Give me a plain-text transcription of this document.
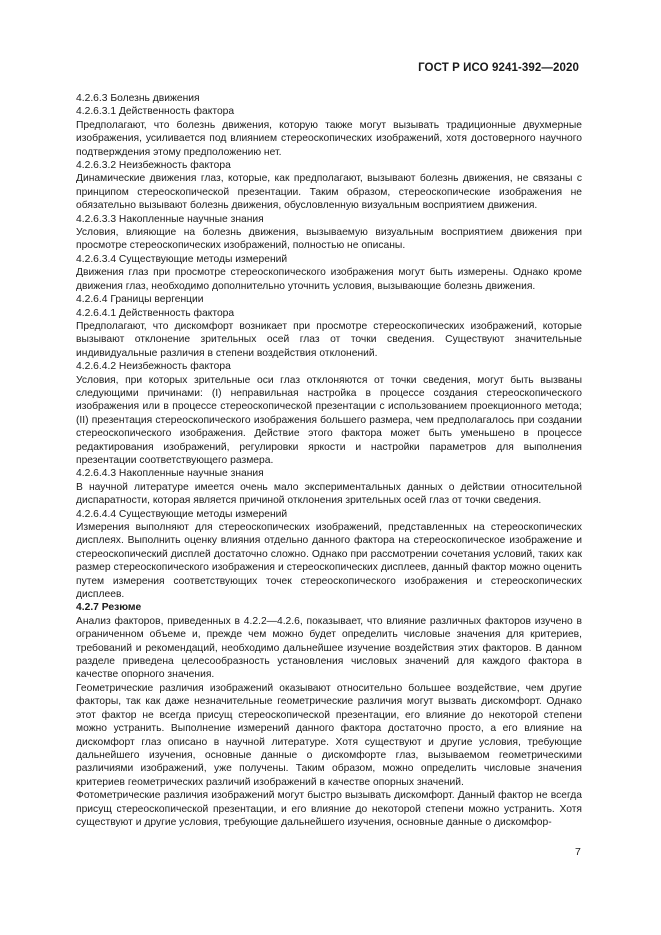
ГОСТ Р ИСО 9241-392—2020
4.2.6.3 Болезнь движения
4.2.6.3.1 Действенность фактора
Предполагают, что болезнь движения, которую также могут вызывать традиционные двухмерные изображения, усиливается под влиянием стереоскопических изображений, хотя достоверного научного подтверждения этому предположению нет.
4.2.6.3.2 Неизбежность фактора
Динамические движения глаз, которые, как предполагают, вызывают болезнь движения, не связаны с принципом стереоскопической презентации. Таким образом, стереоскопические изображения не обязательно вызывают болезнь движения, обусловленную визуальным восприятием движения.
4.2.6.3.3 Накопленные научные знания
Условия, влияющие на болезнь движения, вызываемую визуальным восприятием движения при просмотре стереоскопических изображений, полностью не описаны.
4.2.6.3.4 Существующие методы измерений
Движения глаз при просмотре стереоскопического изображения могут быть измерены. Однако кроме движения глаз, необходимо дополнительно уточнить условия, вызывающие болезнь движения.
4.2.6.4 Границы вергенции
4.2.6.4.1 Действенность фактора
Предполагают, что дискомфорт возникает при просмотре стереоскопических изображений, которые вызывают отклонение зрительных осей глаз от точки сведения. Существуют значительные индивидуальные различия в степени воздействия отклонений.
4.2.6.4.2 Неизбежность фактора
Условия, при которых зрительные оси глаз отклоняются от точки сведения, могут быть вызваны следующими причинами: (I) неправильная настройка в процессе создания стереоскопического изображения или в процессе стереоскопической презентации с использованием проекционного метода; (II) презентация стереоскопического изображения большего размера, чем предполагалось при создании стереоскопического изображения. Действие этого фактора может быть уменьшено в процессе редактирования изображений, регулировки яркости и настройки параметров для выполнения презентации соответствующего размера.
4.2.6.4.3 Накопленные научные знания
В научной литературе имеется очень мало экспериментальных данных о действии относительной диспаратности, которая является причиной отклонения зрительных осей глаз от точки сведения.
4.2.6.4.4 Существующие методы измерений
Измерения выполняют для стереоскопических изображений, представленных на стереоскопических дисплеях. Выполнить оценку влияния отдельно данного фактора на стереоскопическое изображение и стереоскопический дисплей достаточно сложно. Однако при рассмотрении сочетания условий, таких как размер стереоскопического изображения и стереоскопических дисплеев, данный фактор можно оценить путем измерения соответствующих точек стереоскопического изображения и стереоскопических дисплеев.
4.2.7 Резюме
Анализ факторов, приведенных в 4.2.2—4.2.6, показывает, что влияние различных факторов изучено в ограниченном объеме и, прежде чем можно будет определить числовые значения для критериев, требований и рекомендаций, необходимо дальнейшее изучение воздействия этих факторов. В данном разделе приведена целесообразность установления числовых значений для каждого фактора в качестве опорного значения.
Геометрические различия изображений оказывают относительно большее воздействие, чем другие факторы, так как даже незначительные геометрические различия могут вызвать дискомфорт. Однако этот фактор не всегда присущ стереоскопической презентации, его влияние до некоторой степени можно устранить. Выполнение измерений данного фактора достаточно просто, а его влияние на дискомфорт глаз описано в научной литературе. Хотя существуют и другие условия, требующие дальнейшего изучения, основные данные о дискомфорте глаз, вызываемом геометрическими различиями изображений, уже получены. Таким образом, можно определить числовые значения критериев геометрических различий изображений в качестве опорных значений.
Фотометрические различия изображений могут быстро вызывать дискомфорт. Данный фактор не всегда присущ стереоскопической презентации, и его влияние до некоторой степени можно устранить. Хотя существуют и другие условия, требующие дальнейшего изучения, основные данные о дискомфор-
7
